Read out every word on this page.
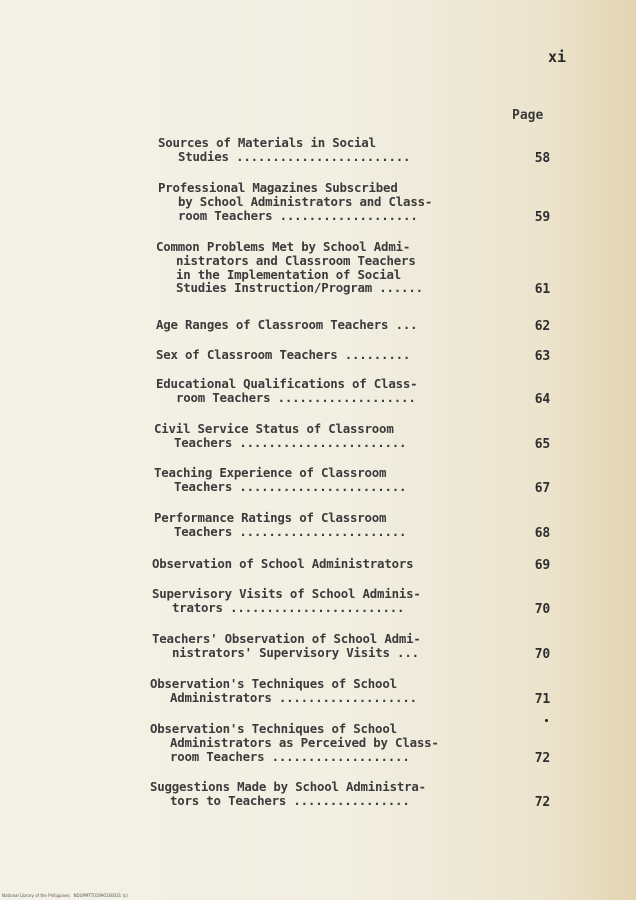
xi
Page
Sources of Materials in Social
Studies ........................	58
Professional Magazines Subscribed
by School Administrators and Class-
room Teachers ...................	59
Common Problems Met by School Admi-
nistrators and Classroom Teachers
in the Implementation of Social
Studies Instruction/Program ......	61
Age Ranges of Classroom Teachers ...	62
Sex of Classroom Teachers .........	63
Educational Qualifications of Class-
room Teachers ...................	64
Civil Service Status of Classroom
Teachers .......................	65
Teaching Experience of Classroom
Teachers .......................	67
Performance Ratings of Classroom
Teachers .......................	68
Observation of School Administrators	69
Supervisory Visits of School Adminis-
trators ........................	70
Teachers' Observation of School Admi-
nistrators' Supervisory Visits ...	70
Observation's Techniques of School
Administrators ...................	71
Observation's Techniques of School
Administrators as Perceived by Class-
room Teachers ...................	72
Suggestions Made by School Administra-
tors to Teachers ................	72
National Library of the Philippines   NDUPMTT019901S0031 (c)
